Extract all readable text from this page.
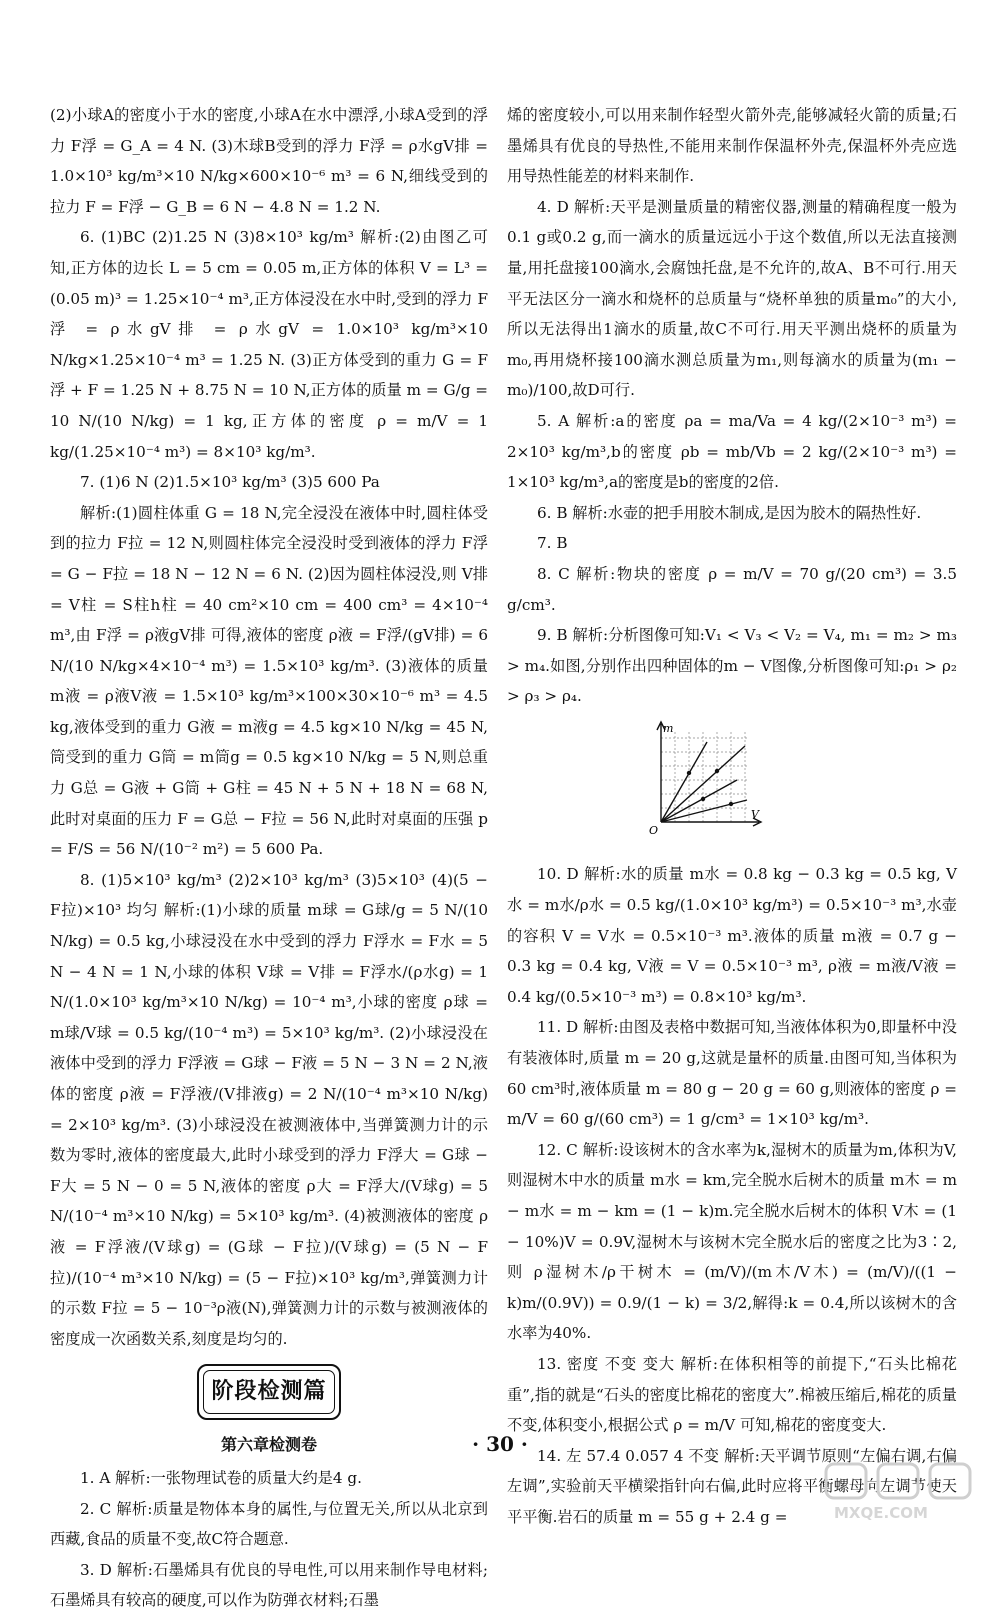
(2)小球A的密度小于水的密度,小球A在水中漂浮,小球A受到的浮力 F浮 = G_A = 4 N. (3)木球B受到的浮力 F浮 = ρ水gV排 = 1.0×10³ kg/m³×10 N/kg×600×10⁻⁶ m³ = 6 N,细线受到的拉力 F = F浮 − G_B = 6 N − 4.8 N = 1.2 N.

6. (1)BC (2)1.25 N (3)8×10³ kg/m³ 解析:(2)由图乙可知,正方体的边长 L = 5 cm = 0.05 m,正方体的体积 V = L³ = (0.05 m)³ = 1.25×10⁻⁴ m³,正方体浸没在水中时,受到的浮力 F浮 = ρ水gV排 = ρ水gV = 1.0×10³ kg/m³×10 N/kg×1.25×10⁻⁴ m³ = 1.25 N. (3)正方体受到的重力 G = F浮 + F = 1.25 N + 8.75 N = 10 N,正方体的质量 m = G/g = 10 N/(10 N/kg) = 1 kg,正方体的密度 ρ = m/V = 1 kg/(1.25×10⁻⁴ m³) = 8×10³ kg/m³.

7. (1)6 N (2)1.5×10³ kg/m³ (3)5 600 Pa

解析:(1)圆柱体重 G = 18 N,完全浸没在液体中时,圆柱体受到的拉力 F拉 = 12 N,则圆柱体完全浸没时受到液体的浮力 F浮 = G − F拉 = 18 N − 12 N = 6 N. (2)因为圆柱体浸没,则 V排 = V柱 = S柱h柱 = 40 cm²×10 cm = 400 cm³ = 4×10⁻⁴ m³,由 F浮 = ρ液gV排 可得,液体的密度 ρ液 = F浮/(gV排) = 6 N/(10 N/kg×4×10⁻⁴ m³) = 1.5×10³ kg/m³. (3)液体的质量 m液 = ρ液V液 = 1.5×10³ kg/m³×100×30×10⁻⁶ m³ = 4.5 kg,液体受到的重力 G液 = m液g = 4.5 kg×10 N/kg = 45 N,筒受到的重力 G筒 = m筒g = 0.5 kg×10 N/kg = 5 N,则总重力 G总 = G液 + G筒 + G柱 = 45 N + 5 N + 18 N = 68 N,此时对桌面的压力 F = G总 − F拉 = 56 N,此时对桌面的压强 p = F/S = 56 N/(10⁻² m²) = 5 600 Pa.

8. (1)5×10³ kg/m³ (2)2×10³ kg/m³ (3)5×10³ (4)(5 − F拉)×10³ 均匀 解析:(1)小球的质量 m球 = G球/g = 5 N/(10 N/kg) = 0.5 kg,小球浸没在水中受到的浮力 F浮水 = F水 = 5 N − 4 N = 1 N,小球的体积 V球 = V排 = F浮水/(ρ水g) = 1 N/(1.0×10³ kg/m³×10 N/kg) = 10⁻⁴ m³,小球的密度 ρ球 = m球/V球 = 0.5 kg/(10⁻⁴ m³) = 5×10³ kg/m³. (2)小球浸没在液体中受到的浮力 F浮液 = G球 − F液 = 5 N − 3 N = 2 N,液体的密度 ρ液 = F浮液/(V排液g) = 2 N/(10⁻⁴ m³×10 N/kg) = 2×10³ kg/m³. (3)小球浸没在被测液体中,当弹簧测力计的示数为零时,液体的密度最大,此时小球受到的浮力 F浮大 = G球 − F大 = 5 N − 0 = 5 N,液体的密度 ρ大 = F浮大/(V球g) = 5 N/(10⁻⁴ m³×10 N/kg) = 5×10³ kg/m³. (4)被测液体的密度 ρ液 = F浮液/(V球g) = (G球 − F拉)/(V球g) = (5 N − F拉)/(10⁻⁴ m³×10 N/kg) = (5 − F拉)×10³ kg/m³,弹簧测力计的示数 F拉 = 5 − 10⁻³ρ液(N),弹簧测力计的示数与被测液体的密度成一次函数关系,刻度是均匀的.

阶段检测篇
第六章检测卷

1. A 解析:一张物理试卷的质量大约是4 g.

2. C 解析:质量是物体本身的属性,与位置无关,所以从北京到西藏,食品的质量不变,故C符合题意.

3. D 解析:石墨烯具有优良的导电性,可以用来制作导电材料;石墨烯具有较高的硬度,可以作为防弹衣材料;石墨

烯的密度较小,可以用来制作轻型火箭外壳,能够减轻火箭的质量;石墨烯具有优良的导热性,不能用来制作保温杯外壳,保温杯外壳应选用导热性能差的材料来制作.

4. D 解析:天平是测量质量的精密仪器,测量的精确程度一般为0.1 g或0.2 g,而一滴水的质量远远小于这个数值,所以无法直接测量,用托盘接100滴水,会腐蚀托盘,是不允许的,故A、B不可行.用天平无法区分一滴水和烧杯的总质量与“烧杯单独的质量m₀”的大小,所以无法得出1滴水的质量,故C不可行.用天平测出烧杯的质量为m₀,再用烧杯接100滴水测总质量为m₁,则每滴水的质量为(m₁ − m₀)/100,故D可行.

5. A 解析:a的密度 ρa = ma/Va = 4 kg/(2×10⁻³ m³) = 2×10³ kg/m³,b的密度 ρb = mb/Vb = 2 kg/(2×10⁻³ m³) = 1×10³ kg/m³,a的密度是b的密度的2倍.

6. B 解析:水壶的把手用胶木制成,是因为胶木的隔热性好.

7. B

8. C 解析:物块的密度 ρ = m/V = 70 g/(20 cm³) = 3.5 g/cm³.

9. B 解析:分析图像可知:V₁ < V₃ < V₂ = V₄, m₁ = m₂ > m₃ > m₄.如图,分别作出四种固体的m − V图像,分析图像可知:ρ₁ > ρ₂ > ρ₃ > ρ₄.

m
V
O

10. D 解析:水的质量 m水 = 0.8 kg − 0.3 kg = 0.5 kg, V水 = m水/ρ水 = 0.5 kg/(1.0×10³ kg/m³) = 0.5×10⁻³ m³,水壶的容积 V = V水 = 0.5×10⁻³ m³.液体的质量 m液 = 0.7 g − 0.3 kg = 0.4 kg, V液 = V = 0.5×10⁻³ m³, ρ液 = m液/V液 = 0.4 kg/(0.5×10⁻³ m³) = 0.8×10³ kg/m³.

11. D 解析:由图及表格中数据可知,当液体体积为0,即量杯中没有装液体时,质量 m = 20 g,这就是量杯的质量.由图可知,当体积为60 cm³时,液体质量 m = 80 g − 20 g = 60 g,则液体的密度 ρ = m/V = 60 g/(60 cm³) = 1 g/cm³ = 1×10³ kg/m³.

12. C 解析:设该树木的含水率为k,湿树木的质量为m,体积为V,则湿树木中水的质量 m水 = km,完全脱水后树木的质量 m木 = m − m水 = m − km = (1 − k)m.完全脱水后树木的体积 V木 = (1 − 10%)V = 0.9V,湿树木与该树木完全脱水后的密度之比为3∶2,则 ρ湿树木/ρ干树木 = (m/V)/(m木/V木) = (m/V)/((1 − k)m/(0.9V)) = 0.9/(1 − k) = 3/2,解得:k = 0.4,所以该树木的含水率为40%.

13. 密度 不变 变大 解析:在体积相等的前提下,“石头比棉花重”,指的就是“石头的密度比棉花的密度大”.棉被压缩后,棉花的质量不变,体积变小,根据公式 ρ = m/V 可知,棉花的密度变大.

14. 左 57.4 0.057 4 不变 解析:天平调节原则“左偏右调,右偏左调”,实验前天平横梁指针向右偏,此时应将平衡螺母向左调节使天平平衡.岩石的质量 m = 55 g + 2.4 g =

· 30 ·
MXQE.COM
